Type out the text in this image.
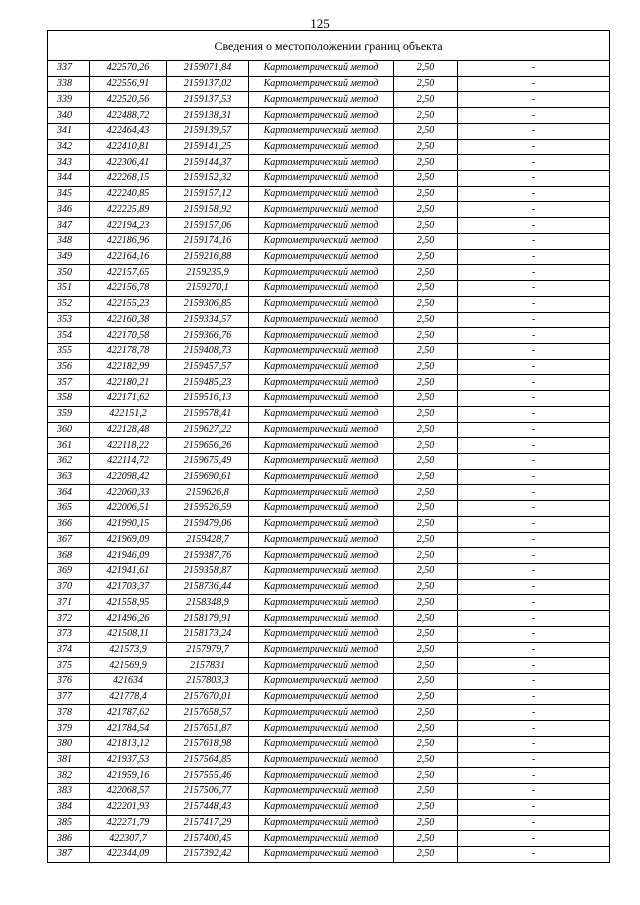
125
Сведения о местоположении границ объекта					
337	422570,26	2159071,84	Картометрический метод	2,50	-
338	422556,91	2159137,02	Картометрический метод	2,50	-
339	422520,56	2159137,53	Картометрический метод	2,50	-
340	422488,72	2159138,31	Картометрический метод	2,50	-
341	422464,43	2159139,57	Картометрический метод	2,50	-
342	422410,81	2159141,25	Картометрический метод	2,50	-
343	422306,41	2159144,37	Картометрический метод	2,50	-
344	422268,15	2159152,32	Картометрический метод	2,50	-
345	422240,85	2159157,12	Картометрический метод	2,50	-
346	422225,89	2159158,92	Картометрический метод	2,50	-
347	422194,23	2159157,06	Картометрический метод	2,50	-
348	422186,96	2159174,16	Картометрический метод	2,50	-
349	422164,16	2159216,88	Картометрический метод	2,50	-
350	422157,65	2159235,9	Картометрический метод	2,50	-
351	422156,78	2159270,1	Картометрический метод	2,50	-
352	422155,23	2159306,85	Картометрический метод	2,50	-
353	422160,38	2159334,57	Картометрический метод	2,50	-
354	422170,58	2159366,76	Картометрический метод	2,50	-
355	422178,78	2159408,73	Картометрический метод	2,50	-
356	422182,99	2159457,57	Картометрический метод	2,50	-
357	422180,21	2159485,23	Картометрический метод	2,50	-
358	422171,62	2159516,13	Картометрический метод	2,50	-
359	422151,2	2159578,41	Картометрический метод	2,50	-
360	422128,48	2159627,22	Картометрический метод	2,50	-
361	422118,22	2159656,26	Картометрический метод	2,50	-
362	422114,72	2159675,49	Картометрический метод	2,50	-
363	422098,42	2159690,61	Картометрический метод	2,50	-
364	422060,33	2159626,8	Картометрический метод	2,50	-
365	422006,51	2159526,59	Картометрический метод	2,50	-
366	421990,15	2159479,06	Картометрический метод	2,50	-
367	421969,09	2159428,7	Картометрический метод	2,50	-
368	421946,09	2159387,76	Картометрический метод	2,50	-
369	421941,61	2159358,87	Картометрический метод	2,50	-
370	421703,37	2158736,44	Картометрический метод	2,50	-
371	421558,95	2158348,9	Картометрический метод	2,50	-
372	421496,26	2158179,91	Картометрический метод	2,50	-
373	421508,11	2158173,24	Картометрический метод	2,50	-
374	421573,9	2157979,7	Картометрический метод	2,50	-
375	421569,9	2157831	Картометрический метод	2,50	-
376	421634	2157803,3	Картометрический метод	2,50	-
377	421778,4	2157670,01	Картометрический метод	2,50	-
378	421787,62	2157658,57	Картометрический метод	2,50	-
379	421784,54	2157651,87	Картометрический метод	2,50	-
380	421813,12	2157618,98	Картометрический метод	2,50	-
381	421937,53	2157564,85	Картометрический метод	2,50	-
382	421959,16	2157555,46	Картометрический метод	2,50	-
383	422068,57	2157506,77	Картометрический метод	2,50	-
384	422201,93	2157448,43	Картометрический метод	2,50	-
385	422271,79	2157417,29	Картометрический метод	2,50	-
386	422307,7	2157400,45	Картометрический метод	2,50	-
387	422344,09	2157392,42	Картометрический метод	2,50	-
